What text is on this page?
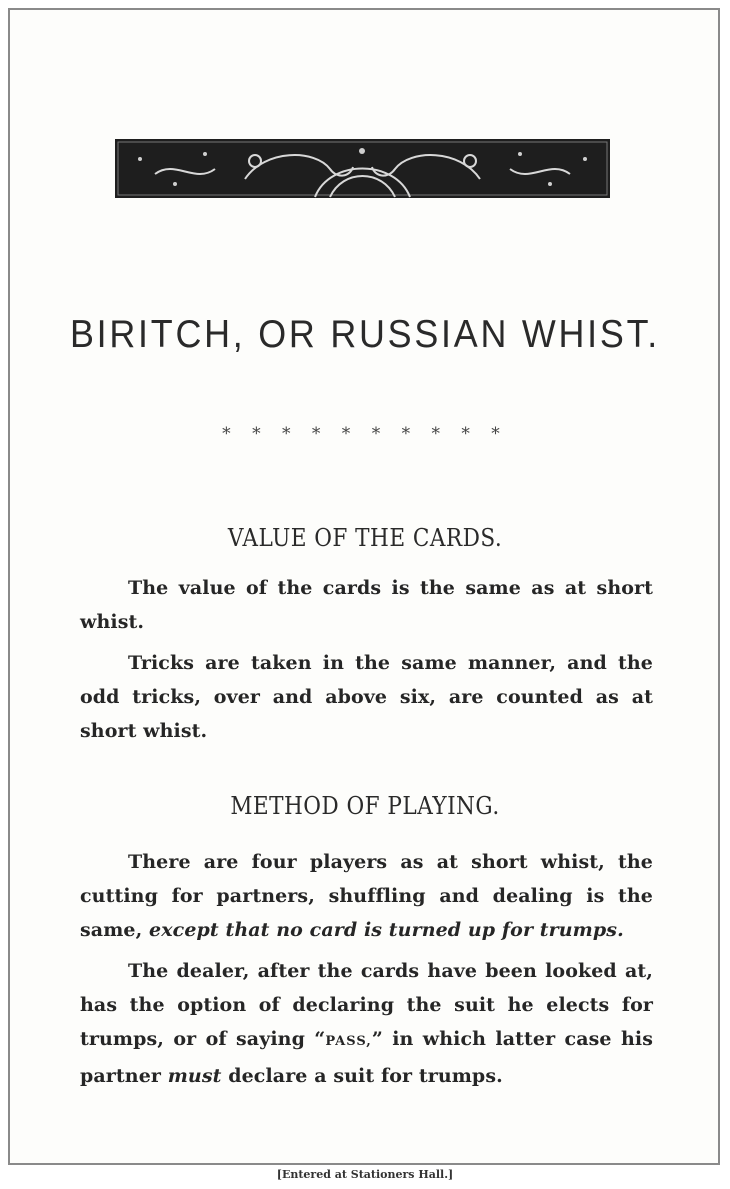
BIRITCH, OR RUSSIAN WHIST.
* * * * * * * * * *
VALUE OF THE CARDS.

The value of the cards is the same as at short whist.

Tricks are taken in the same manner, and the odd tricks, over and above six, are counted as at short whist.

METHOD OF PLAYING.

There are four players as at short whist, the cutting for partners, shuffling and dealing is the same, except that no card is turned up for trumps.

The dealer, after the cards have been looked at, has the option of declaring the suit he elects for trumps, or of saying “PASS,” in which latter case his partner must declare a suit for trumps.

[Entered at Stationers Hall.]
